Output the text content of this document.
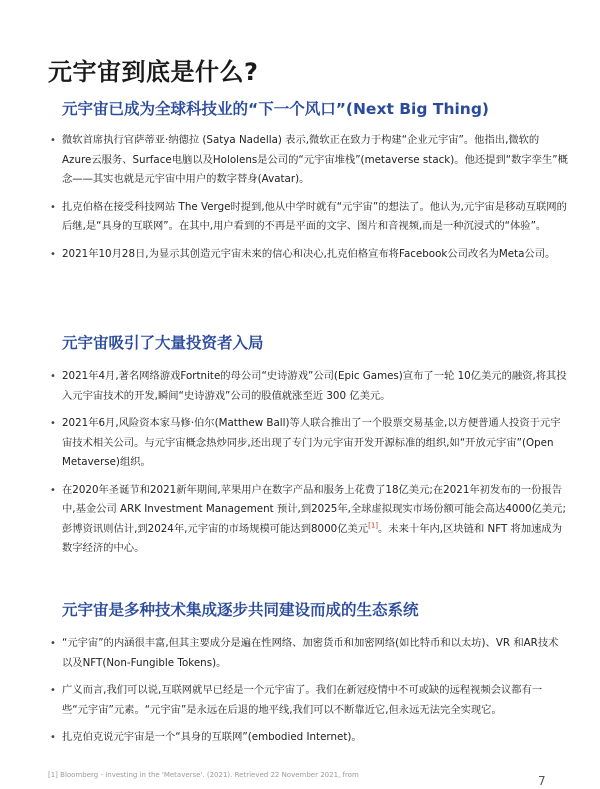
元宇宙到底是什么?
元宇宙已成为全球科技业的“下一个风口”(Next Big Thing)
• 微软首席执行官萨蒂亚·纳德拉 (Satya Nadella) 表示,微软正在致力于构建“企业元宇宙”。他指出,微软的Azure云服务、Surface电脑以及Hololens是公司的“元宇宙堆栈”(metaverse stack)。他还提到“数字孪生”概念——其实也就是元宇宙中用户的数字替身(Avatar)。
• 扎克伯格在接受科技网站 The Verge时提到,他从中学时就有“元宇宙”的想法了。他认为,元宇宙是移动互联网的后继,是“具身的互联网”。在其中,用户看到的不再是平面的文字、图片和音视频,而是一种沉浸式的“体验”。
• 2021年10月28日,为显示其创造元宇宙未来的信心和决心,扎克伯格宣布将Facebook公司改名为Meta公司。
元宇宙吸引了大量投资者入局
• 2021年4月,著名网络游戏Fortnite的母公司“史诗游戏”公司(Epic Games)宣布了一轮 10亿美元的融资,将其投入元宇宙技术的开发,瞬间“史诗游戏”公司的股值就涨至近 300 亿美元。
• 2021年6月,风险资本家马修·伯尔(Matthew Ball)等人联合推出了一个股票交易基金,以方便普通人投资于元宇宙技术相关公司。与元宇宙概念热炒同步,还出现了专门为元宇宙开发开源标准的组织,如“开放元宇宙”(Open Metaverse)组织。
• 在2020年圣诞节和2021新年期间,苹果用户在数字产品和服务上花费了18亿美元;在2021年初发布的一份报告中,基金公司 ARK Investment Management 预计,到2025年,全球虚拟现实市场份额可能会高达4000亿美元;彭博资讯则估计,到2024年,元宇宙的市场规模可能达到8000亿美元[1]。未来十年内,区块链和 NFT 将加速成为数字经济的中心。
元宇宙是多种技术集成逐步共同建设而成的生态系统
• “元宇宙”的内涵很丰富,但其主要成分是遍在性网络、加密货币和加密网络(如比特币和以太坊)、VR 和AR技术以及NFT(Non-Fungible Tokens)。
• 广义而言,我们可以说,互联网就早已经是一个元宇宙了。我们在新冠疫情中不可或缺的远程视频会议都有一些“元宇宙”元素。“元宇宙”是永远在后退的地平线,我们可以不断靠近它,但永远无法完全实现它。
• 扎克伯克说元宇宙是一个“具身的互联网”(embodied Internet)。
[1] Bloomberg - Investing in the 'Metaverse'. (2021). Retrieved 22 November 2021, from	7
